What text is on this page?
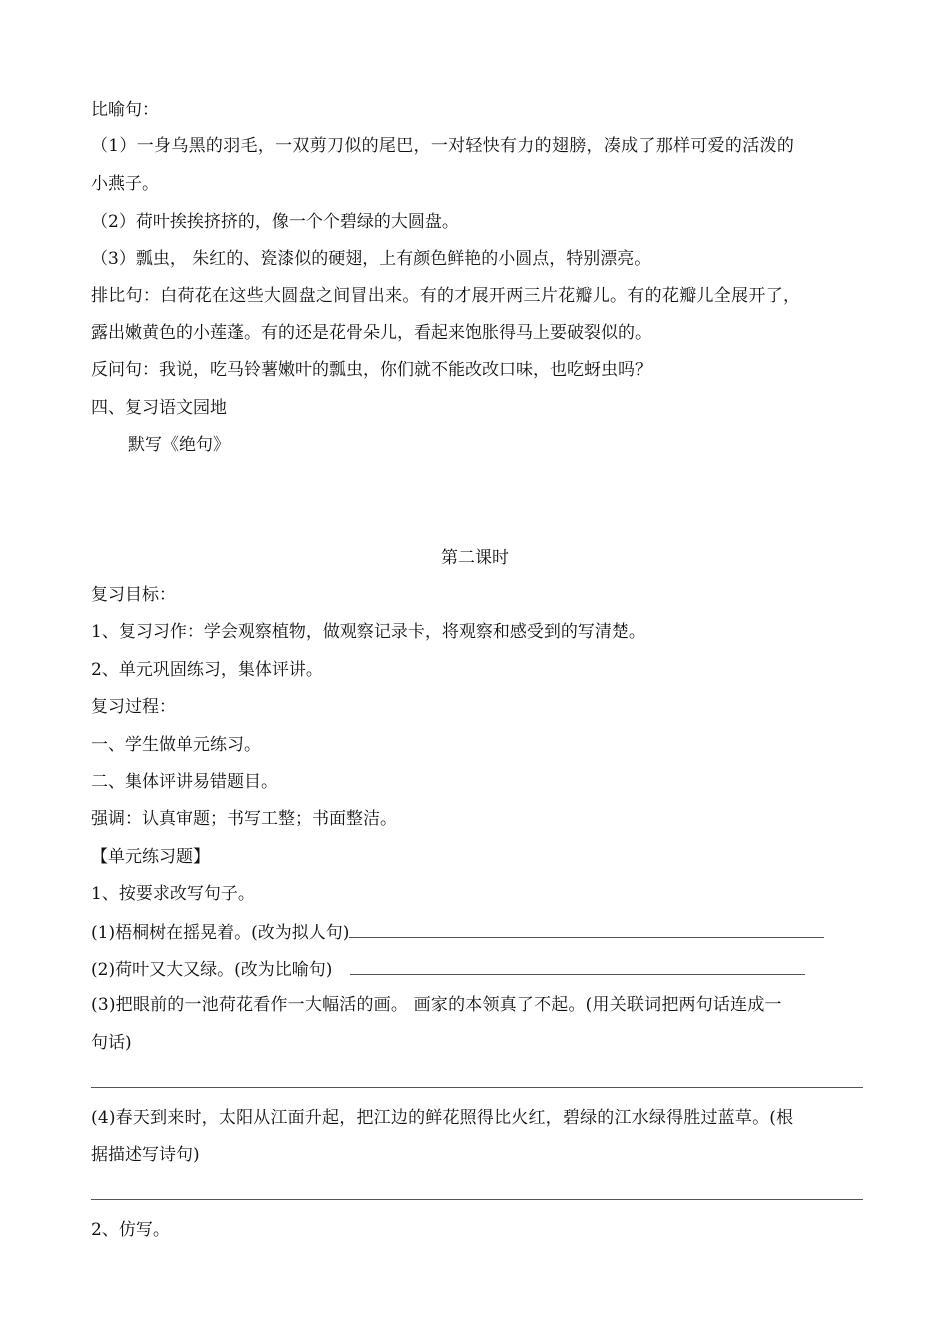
比喻句：
（1）一身乌黑的羽毛，一双剪刀似的尾巴，一对轻快有力的翅膀，凑成了那样可爱的活泼的
小燕子。
（2）荷叶挨挨挤挤的，像一个个碧绿的大圆盘。
（3）瓢虫， 朱红的、瓷漆似的硬翅，上有颜色鲜艳的小圆点，特别漂亮。
排比句：白荷花在这些大圆盘之间冒出来。有的才展开两三片花瓣儿。有的花瓣儿全展开了，
露出嫩黄色的小莲蓬。有的还是花骨朵儿，看起来饱胀得马上要破裂似的。
反问句：我说，吃马铃薯嫩叶的瓢虫，你们就不能改改口味，也吃蚜虫吗？
四、复习语文园地
默写《绝句》
第二课时
复习目标：
1、复习习作：学会观察植物，做观察记录卡，将观察和感受到的写清楚。
2、单元巩固练习，集体评讲。
复习过程：
一、学生做单元练习。
二、集体评讲易错题目。
强调：认真审题；书写工整；书面整洁。
【单元练习题】
1、按要求改写句子。
(1)梧桐树在摇晃着。(改为拟人句)
(2)荷叶又大又绿。(改为比喻句)
(3)把眼前的一池荷花看作一大幅活的画。 画家的本领真了不起。(用关联词把两句话连成一
句话)
(4)春天到来时，太阳从江面升起，把江边的鲜花照得比火红，碧绿的江水绿得胜过蓝草。(根
据描述写诗句)
2、仿写。
